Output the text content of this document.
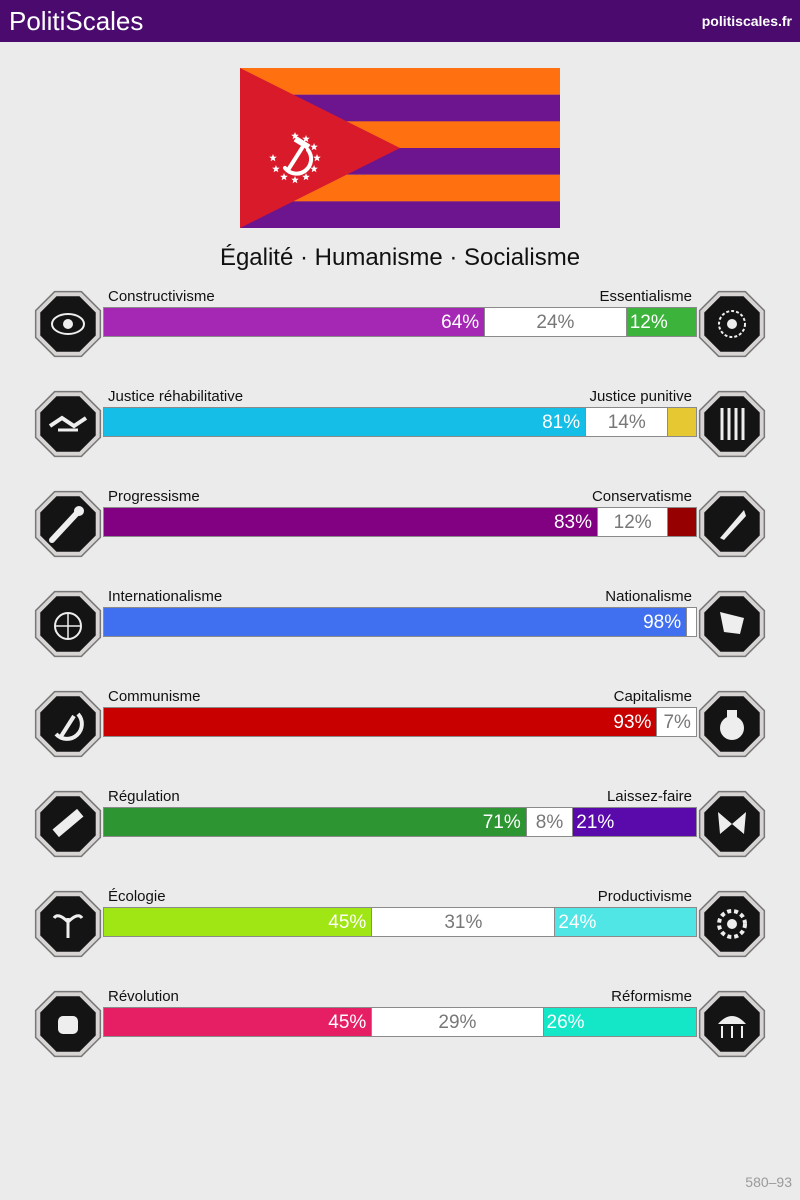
PolitiScales	politiscales.fr
Égalité · Humanisme · Socialisme
Constructivisme	Essentialisme
64%	24%	12%
Justice réhabilitative	Justice punitive
81%	14%
Progressisme	Conservatisme
83%	12%
Internationalisme	Nationalisme
98%
Communisme	Capitalisme
93% 7%
Régulation	Laissez-faire
71% 8% 21%
Écologie	Productivisme
45%	31%	24%
Révolution	Réformisme
45%	29%	26%
580–93
